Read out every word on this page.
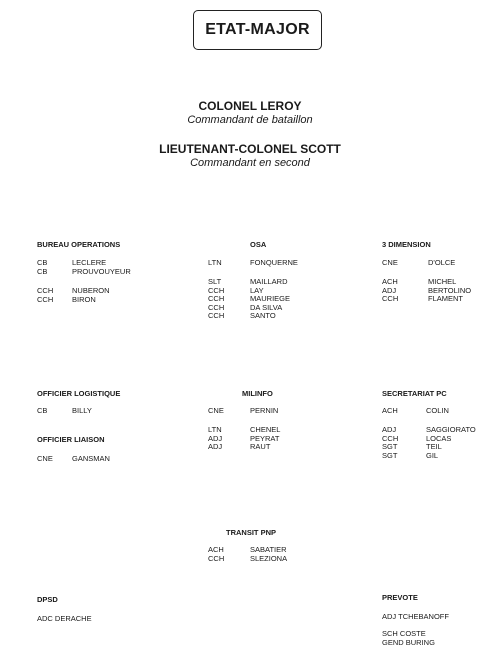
ETAT-MAJOR
COLONEL LEROY
Commandant de bataillon
LIEUTENANT-COLONEL SCOTT
Commandant en second
BUREAU OPERATIONS
CB	LECLERE
CB	PROUVOUYEUR
CCH	NUBERON
CCH	BIRON
OSA
LTN	FONQUERNE
SLT	MAILLARD
CCH	LAY
CCH	MAURIEGE
CCH	DA SILVA
CCH	SANTO
3 DIMENSION
CNE	D'OLCE
ACH	MICHEL
ADJ	BERTOLINO
CCH	FLAMENT
OFFICIER LOGISTIQUE
CB	BILLY
OFFICIER LIAISON
CNE	GANSMAN
MILINFO
CNE	PERNIN
LTN	CHENEL
ADJ	PEYRAT
ADJ	RAUT
SECRETARIAT PC
ACH	COLIN
ADJ	SAGGIORATO
CCH	LOCAS
SGT	TEIL
SGT	GIL
TRANSIT PNP
ACH	SABATIER
CCH	SLEZIONA
DPSD
ADC DERACHE
PREVOTE
ADJ TCHEBANOFF
SCH COSTE
GEND BURING
